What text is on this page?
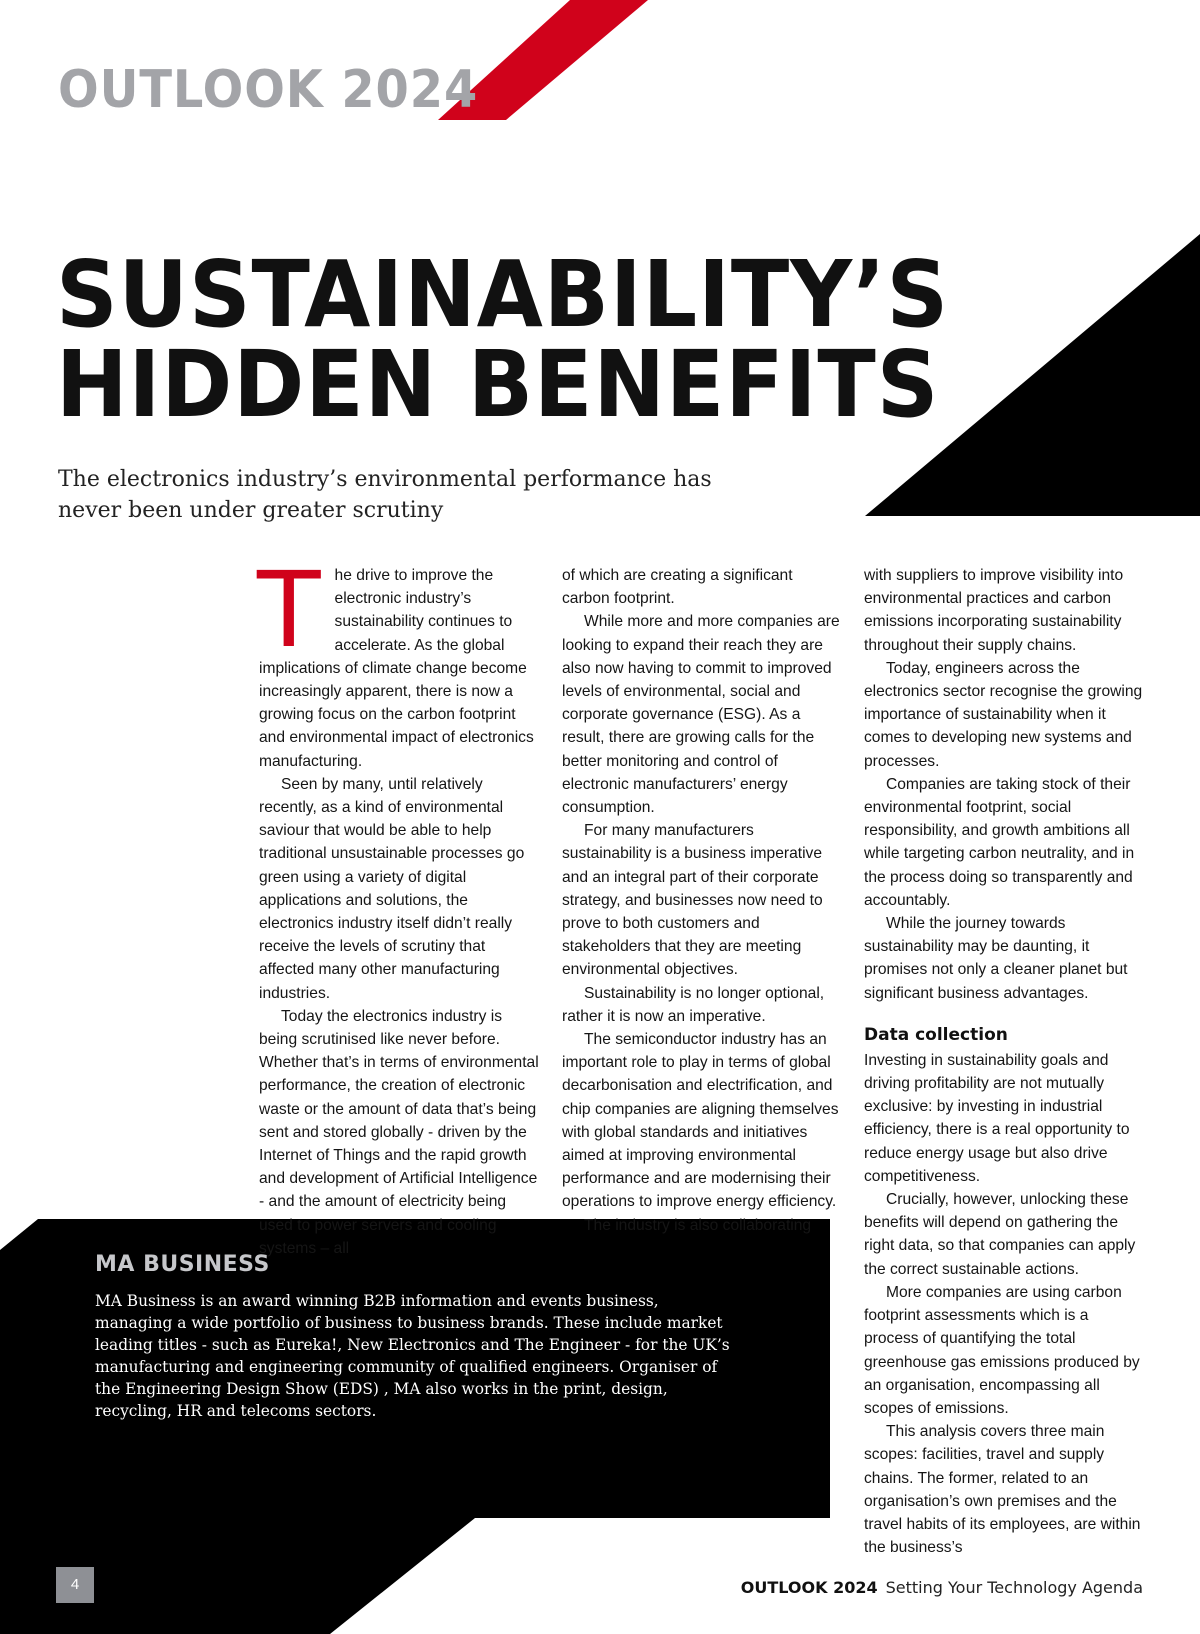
OUTLOOK 2024
SUSTAINABILITY’S
HIDDEN BENEFITS
The electronics industry’s environmental performance has never been under greater scrutiny
T he drive to improve the electronic industry’s sustainability continues to accelerate. As the global implications of climate change become increasingly apparent, there is now a growing focus on the carbon footprint and environmental impact of electronics manufacturing.

Seen by many, until relatively recently, as a kind of environmental saviour that would be able to help traditional unsustainable processes go green using a variety of digital applications and solutions, the electronics industry itself didn’t really receive the levels of scrutiny that affected many other manufacturing industries.

Today the electronics industry is being scrutinised like never before. Whether that’s in terms of environmental performance, the creation of electronic waste or the amount of data that’s being sent and stored globally - driven by the Internet of Things and the rapid growth and development of Artificial Intelligence - and the amount of electricity being used to power servers and cooling systems – all

of which are creating a significant carbon footprint.

While more and more companies are looking to expand their reach they are also now having to commit to improved levels of environmental, social and corporate governance (ESG). As a result, there are growing calls for the better monitoring and control of electronic manufacturers’ energy consumption.

For many manufacturers sustainability is a business imperative and an integral part of their corporate strategy, and businesses now need to prove to both customers and stakeholders that they are meeting environmental objectives.

Sustainability is no longer optional, rather it is now an imperative.

The semiconductor industry has an important role to play in terms of global decarbonisation and electrification, and chip companies are aligning themselves with global standards and initiatives aimed at improving environmental performance and are modernising their operations to improve energy efficiency.

The industry is also collaborating

with suppliers to improve visibility into environmental practices and carbon emissions incorporating sustainability throughout their supply chains.

Today, engineers across the electronics sector recognise the growing importance of sustainability when it comes to developing new systems and processes.

Companies are taking stock of their environmental footprint, social responsibility, and growth ambitions all while targeting carbon neutrality, and in the process doing so transparently and accountably.

While the journey towards sustainability may be daunting, it promises not only a cleaner planet but significant business advantages.

Data collection

Investing in sustainability goals and driving profitability are not mutually exclusive: by investing in industrial efficiency, there is a real opportunity to reduce energy usage but also drive competitiveness.

Crucially, however, unlocking these benefits will depend on gathering the right data, so that companies can apply the correct sustainable actions.

More companies are using carbon footprint assessments which is a process of quantifying the total greenhouse gas emissions produced by an organisation, encompassing all scopes of emissions.

This analysis covers three main scopes: facilities, travel and supply chains. The former, related to an organisation’s own premises and the travel habits of its employees, are within the business’s

MA BUSINESS
MA Business is an award winning B2B information and events business, managing a wide portfolio of business to business brands. These include market leading titles - such as Eureka!, New Electronics and The Engineer - for the UK’s manufacturing and engineering community of qualified engineers. Organiser of the Engineering Design Show (EDS) , MA also works in the print, design, recycling, HR and telecoms sectors.
4	OUTLOOK 2024 Setting Your Technology Agenda
